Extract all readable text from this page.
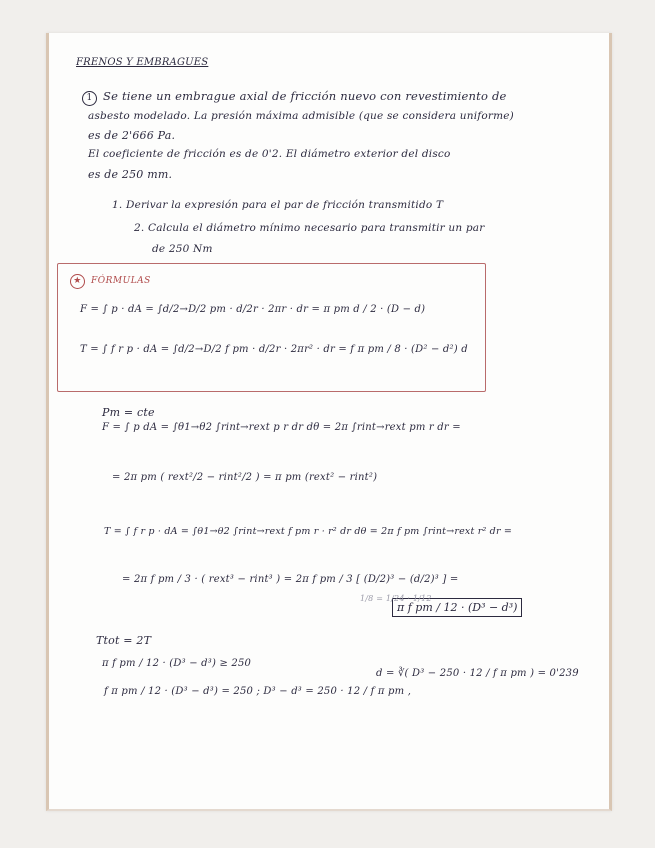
FRENOS Y EMBRAGUES
1 Se tiene un embrague axial de fricción nuevo con revestimiento de
asbesto modelado. La presión máxima admisible (que se considera uniforme)
es de 2'666 Pa.
El coeficiente de fricción es de 0'2. El diámetro exterior del disco
es de 250 mm.
1. Derivar la expresión para el par de fricción transmitido T
2. Calcula el diámetro mínimo necesario para transmitir un par
de 250 Nm
★ FÓRMULAS
F = ∫ p · dA = ∫d/2→D/2 pm · d/2r · 2πr · dr = π pm d / 2 · (D − d)
T = ∫ f r p · dA = ∫d/2→D/2 f pm · d/2r · 2πr² · dr = f π pm / 8 · (D² − d²) d
Pm = cte
F = ∫ p dA = ∫θ1→θ2 ∫rint→rext p r dr dθ = 2π ∫rint→rext pm r dr =
= 2π pm ( rext²/2 − rint²/2 ) = π pm (rext² − rint²)
T = ∫ f r p · dA = ∫θ1→θ2 ∫rint→rext f pm r · r² dr dθ = 2π f pm ∫rint→rext r² dr =
= 2π f pm / 3 · ( rext³ − rint³ ) = 2π f pm / 3 [ (D/2)³ − (d/2)³ ] =
π f pm / 12 · (D³ − d³)
1/8 = 1/24 · 1/12
Ttot = 2T
π f pm / 12 · (D³ − d³) ≥ 250
f π pm / 12 · (D³ − d³) = 250 ; D³ − d³ = 250 · 12 / f π pm ,
d = ∛( D³ − 250 · 12 / f π pm ) = 0'239
